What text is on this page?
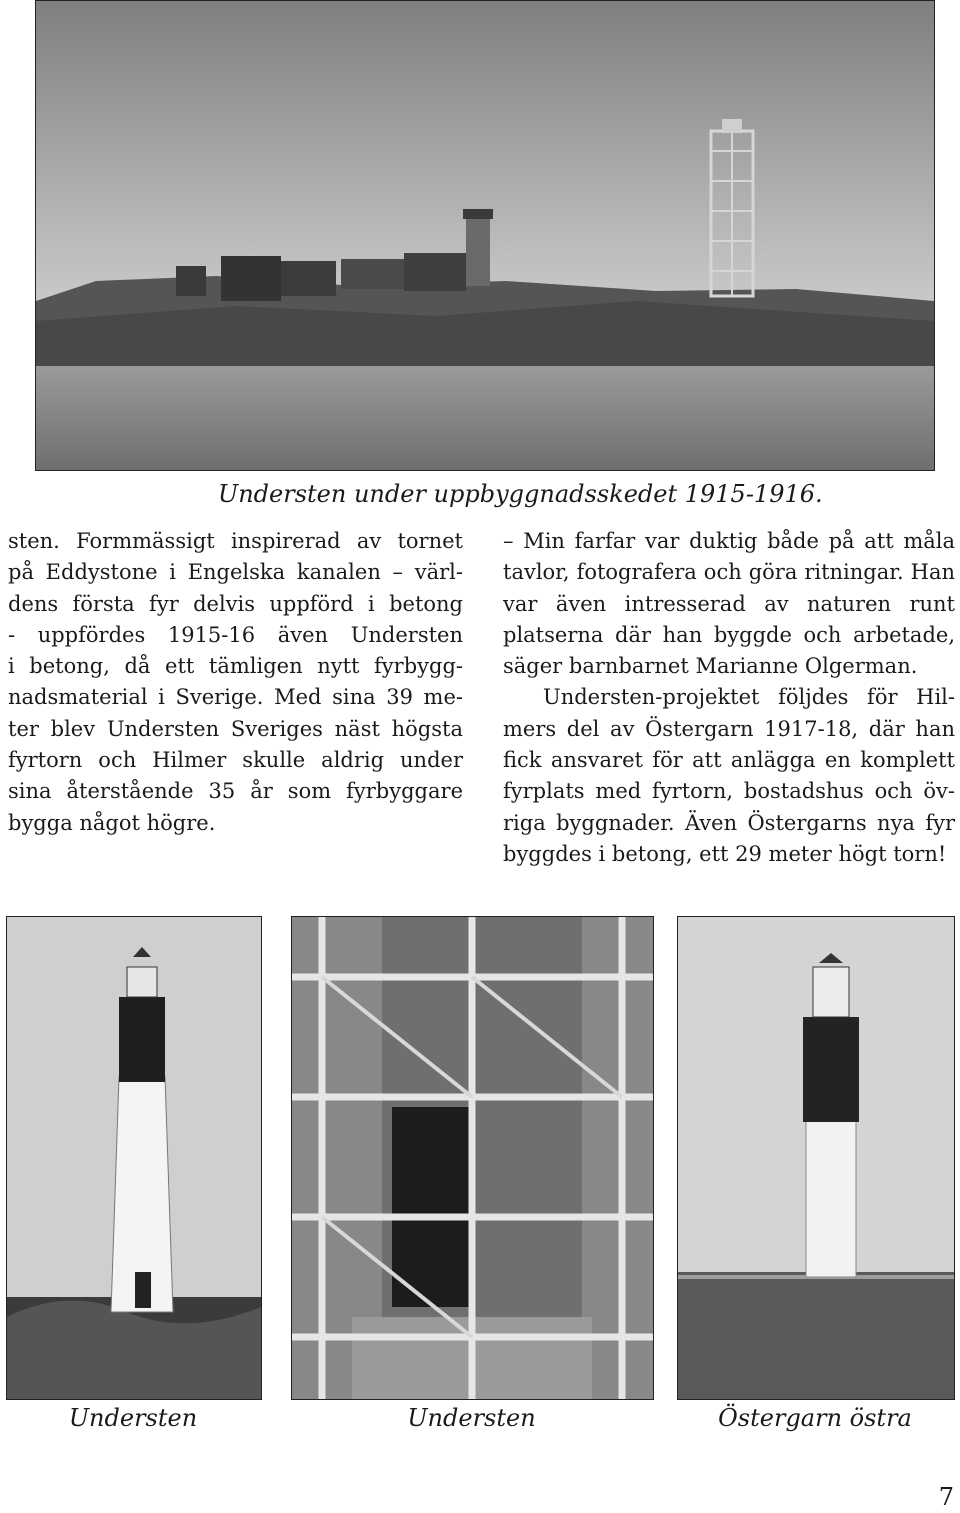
Understen under uppbyggnadsskedet 1915-1916.
sten. Formmässigt inspirerad av tornet
på Eddystone i Engelska kanalen – värl-
dens första fyr delvis uppförd i betong
- uppfördes 1915-16 även Understen
i betong, då ett tämligen nytt fyrbygg-
nadsmaterial i Sverige. Med sina 39 me-
ter blev Understen Sveriges näst högsta
fyrtorn och Hilmer skulle aldrig under
sina återstående 35 år som fyrbyggare
bygga något högre.

– Min farfar var duktig både på att måla
tavlor, fotografera och göra ritningar. Han
var även intresserad av naturen runt
platserna där han byggde och arbetade,
säger barnbarnet Marianne Olgerman.

Understen-projektet följdes för Hil-
mers del av Östergarn 1917-18, där han
fick ansvaret för att anlägga en komplett
fyrplats med fyrtorn, bostadshus och öv-
riga byggnader. Även Östergarns nya fyr
byggdes i betong, ett 29 meter högt torn!

Understen	Understen	Östergarn östra
7
